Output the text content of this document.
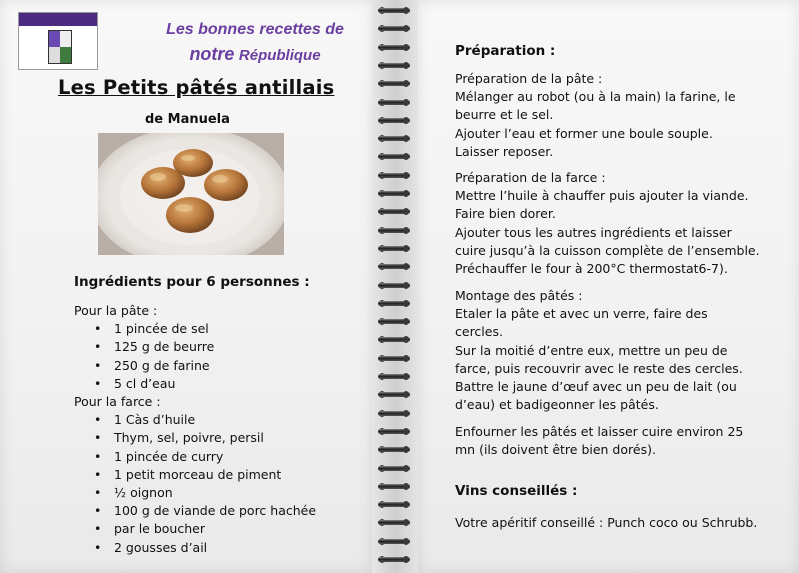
Les bonnes recettes de
notre République
Les Petits pâtés antillais
de Manuela
Ingrédients pour 6 personnes :

Pour la pâte :

• 1 pincée de sel
• 125 g de beurre
• 250 g de farine
• 5 cl d’eau

Pour la farce :

• 1 Càs d’huile
• Thym, sel, poivre, persil
• 1 pincée de curry
• 1 petit morceau de piment
• ½ oignon
• 100 g de viande de porc hachée
• par le boucher
• 2 gousses d’ail
Préparation :

Préparation de la pâte :

Mélanger au robot (ou à la main) la farine, le

beurre et le sel.

Ajouter l’eau et former une boule souple.

Laisser reposer.

Préparation de la farce :

Mettre l’huile à chauffer puis ajouter la viande.

Faire bien dorer.

Ajouter tous les autres ingrédients et laisser

cuire jusqu’à la cuisson complète de l’ensemble.

Préchauffer le four à 200°C thermostat6-7).

Montage des pâtés :

Etaler la pâte et avec un verre, faire des

cercles.

Sur la moitié d’entre eux, mettre un peu de

farce, puis recouvrir avec le reste des cercles.

Battre le jaune d’œuf avec un peu de lait (ou

d’eau) et badigeonner les pâtés.

Enfourner les pâtés et laisser cuire environ 25

mn (ils doivent être bien dorés).

Vins conseillés :

Votre apéritif conseillé : Punch coco ou Schrubb.
